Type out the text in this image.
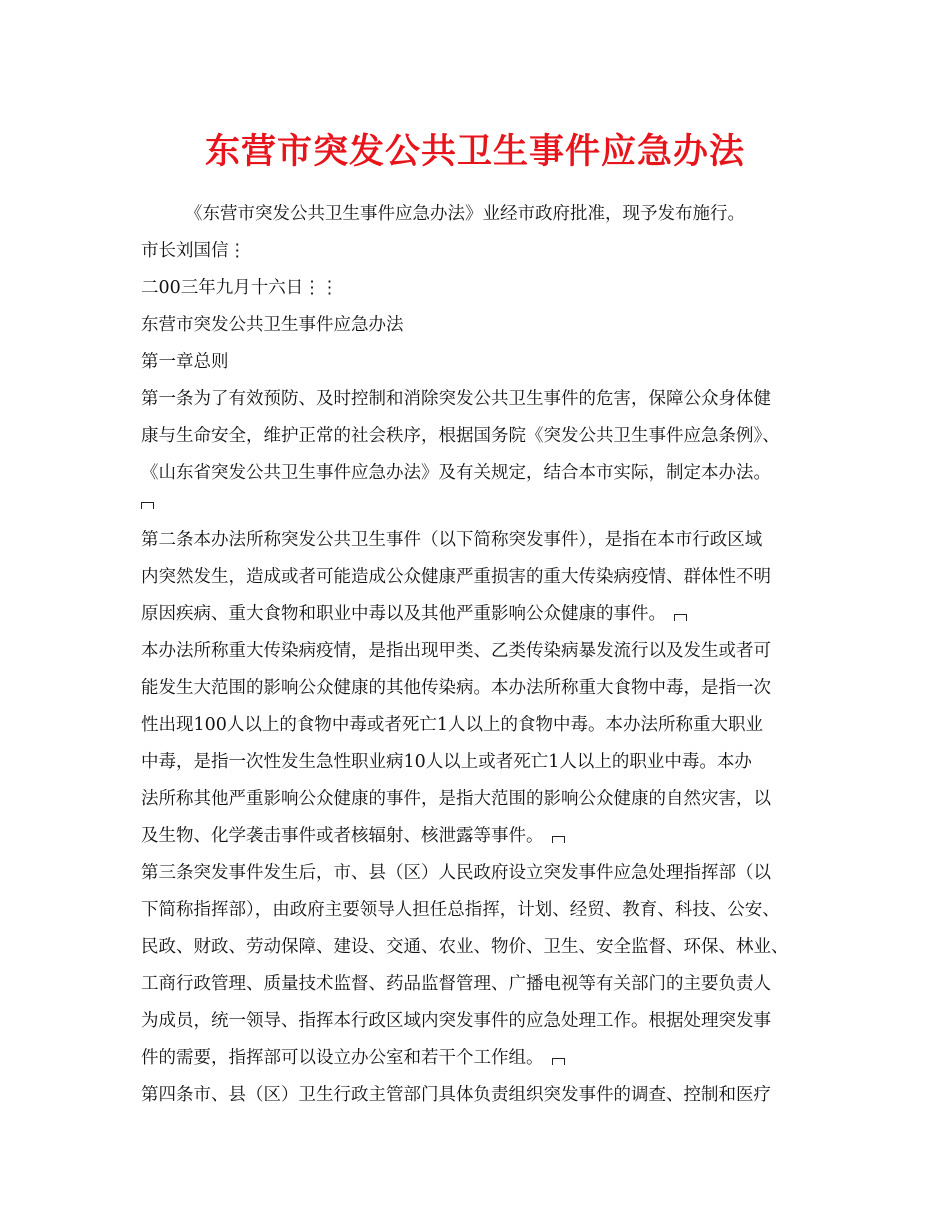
东营市突发公共卫生事件应急办法
《东营市突发公共卫生事件应急办法》业经市政府批准，现予发布施行。
市长刘国信⋮
二00三年九月十六日⋮⋮
东营市突发公共卫生事件应急办法
第一章总则
第一条为了有效预防、及时控制和消除突发公共卫生事件的危害，保障公众身体健
康与生命安全，维护正常的社会秩序，根据国务院《突发公共卫生事件应急条例》、
《山东省突发公共卫生事件应急办法》及有关规定，结合本市实际，制定本办法。
第二条本办法所称突发公共卫生事件（以下简称突发事件），是指在本市行政区域
内突然发生，造成或者可能造成公众健康严重损害的重大传染病疫情、群体性不明
原因疾病、重大食物和职业中毒以及其他严重影响公众健康的事件。
本办法所称重大传染病疫情，是指出现甲类、乙类传染病暴发流行以及发生或者可
能发生大范围的影响公众健康的其他传染病。本办法所称重大食物中毒，是指一次
性出现100人以上的食物中毒或者死亡1人以上的食物中毒。本办法所称重大职业
中毒，是指一次性发生急性职业病10人以上或者死亡1人以上的职业中毒。本办
法所称其他严重影响公众健康的事件，是指大范围的影响公众健康的自然灾害，以
及生物、化学袭击事件或者核辐射、核泄露等事件。
第三条突发事件发生后，市、县（区）人民政府设立突发事件应急处理指挥部（以
下简称指挥部），由政府主要领导人担任总指挥，计划、经贸、教育、科技、公安、
民政、财政、劳动保障、建设、交通、农业、物价、卫生、安全监督、环保、林业、
工商行政管理、质量技术监督、药品监督管理、广播电视等有关部门的主要负责人
为成员，统一领导、指挥本行政区域内突发事件的应急处理工作。根据处理突发事
件的需要，指挥部可以设立办公室和若干个工作组。
第四条市、县（区）卫生行政主管部门具体负责组织突发事件的调查、控制和医疗
